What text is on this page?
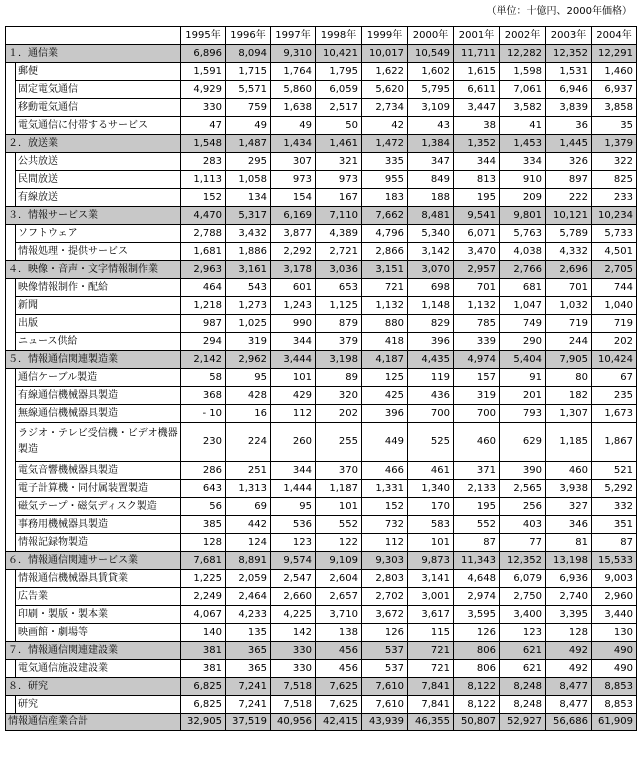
（単位：十億円、2000年価格）
		1995年	1996年	1997年	1998年	1999年	2000年	2001年	2002年	2003年	2004年
１．通信業		6,896	8,094	9,310	10,421	10,017	10,549	11,711	12,282	12,352	12,291
	郵便	1,591	1,715	1,764	1,795	1,622	1,602	1,615	1,598	1,531	1,460
	固定電気通信	4,929	5,571	5,860	6,059	5,620	5,795	6,611	7,061	6,946	6,937
	移動電気通信	330	759	1,638	2,517	2,734	3,109	3,447	3,582	3,839	3,858
	電気通信に付帯するサービス	47	49	49	50	42	43	38	41	36	35
２．放送業		1,548	1,487	1,434	1,461	1,472	1,384	1,352	1,453	1,445	1,379
	公共放送	283	295	307	321	335	347	344	334	326	322
	民間放送	1,113	1,058	973	973	955	849	813	910	897	825
	有線放送	152	134	154	167	183	188	195	209	222	233
３．情報サービス業		4,470	5,317	6,169	7,110	7,662	8,481	9,541	9,801	10,121	10,234
	ソフトウェア	2,788	3,432	3,877	4,389	4,796	5,340	6,071	5,763	5,789	5,733
	情報処理・提供サービス	1,681	1,886	2,292	2,721	2,866	3,142	3,470	4,038	4,332	4,501
４．映像・音声・文字情報制作業		2,963	3,161	3,178	3,036	3,151	3,070	2,957	2,766	2,696	2,705
	映像情報制作・配給	464	543	601	653	721	698	701	681	701	744
	新聞	1,218	1,273	1,243	1,125	1,132	1,148	1,132	1,047	1,032	1,040
	出版	987	1,025	990	879	880	829	785	749	719	719
	ニュース供給	294	319	344	379	418	396	339	290	244	202
５．情報通信関連製造業		2,142	2,962	3,444	3,198	4,187	4,435	4,974	5,404	7,905	10,424
	通信ケーブル製造	58	95	101	89	125	119	157	91	80	67
	有線通信機械器具製造	368	428	429	320	425	436	319	201	182	235
	無線通信機械器具製造	- 10	16	112	202	396	700	700	793	1,307	1,673
	ラジオ・テレビ受信機・ビデオ機器製造	230	224	260	255	449	525	460	629	1,185	1,867
	電気音響機械器具製造	286	251	344	370	466	461	371	390	460	521
	電子計算機・同付属装置製造	643	1,313	1,444	1,187	1,331	1,340	2,133	2,565	3,938	5,292
	磁気テープ・磁気ディスク製造	56	69	95	101	152	170	195	256	327	332
	事務用機械器具製造	385	442	536	552	732	583	552	403	346	351
	情報記録物製造	128	124	123	122	112	101	87	77	81	87
６．情報通信関連サービス業		7,681	8,891	9,574	9,109	9,303	9,873	11,343	12,352	13,198	15,533
	情報通信機械器具賃貸業	1,225	2,059	2,547	2,604	2,803	3,141	4,648	6,079	6,936	9,003
	広告業	2,249	2,464	2,660	2,657	2,702	3,001	2,974	2,750	2,740	2,960
	印刷・製版・製本業	4,067	4,233	4,225	3,710	3,672	3,617	3,595	3,400	3,395	3,440
	映画館・劇場等	140	135	142	138	126	115	126	123	128	130
７．情報通信関連建設業		381	365	330	456	537	721	806	621	492	490
	電気通信施設建設業	381	365	330	456	537	721	806	621	492	490
８．研究		6,825	7,241	7,518	7,625	7,610	7,841	8,122	8,248	8,477	8,853
	研究	6,825	7,241	7,518	7,625	7,610	7,841	8,122	8,248	8,477	8,853
情報通信産業合計		32,905	37,519	40,956	42,415	43,939	46,355	50,807	52,927	56,686	61,909
